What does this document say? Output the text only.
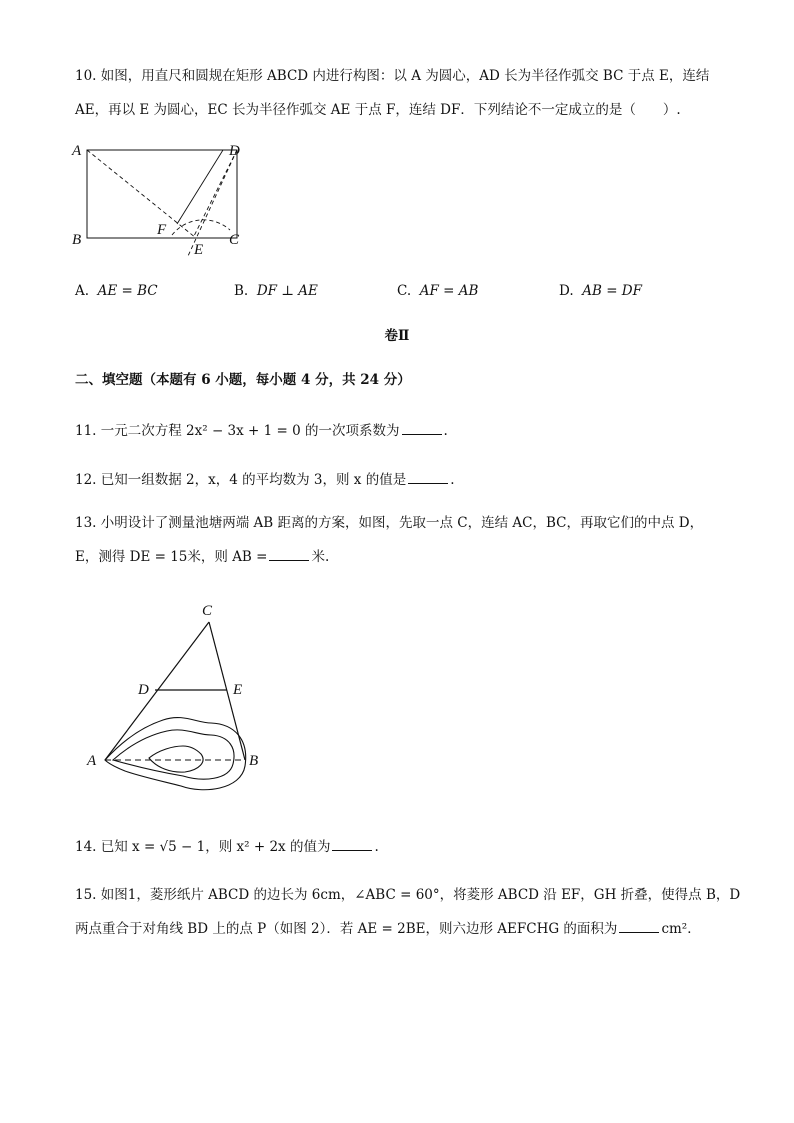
10. 如图，用直尺和圆规在矩形 ABCD 内进行构图：以 A 为圆心，AD 长为半径作弧交 BC 于点 E，连结
AE，再以 E 为圆心，EC 长为半径作弧交 AE 于点 F，连结 DF．下列结论不一定成立的是（　　）.
A	D
B	C
F
E
A. AE = BC	B. DF ⊥ AE	C. AF = AB	D. AB = DF
卷Ⅱ
二、填空题（本题有 6 小题，每小题 4 分，共 24 分）
11. 一元二次方程 2x² − 3x + 1 = 0 的一次项系数为	.
12. 已知一组数据 2，x，4 的平均数为 3，则 x 的值是	.
13. 小明设计了测量池塘两端 AB 距离的方案，如图，先取一点 C，连结 AC，BC，再取它们的中点 D，
E，测得 DE = 15米，则 AB =	米.
C
D	E
A	B
14. 已知 x = √5 − 1，则 x² + 2x 的值为	.
15. 如图1，菱形纸片 ABCD 的边长为 6cm，∠ABC = 60°，将菱形 ABCD 沿 EF，GH 折叠，使得点 B，D
两点重合于对角线 BD 上的点 P（如图 2）．若 AE = 2BE，则六边形 AEFCHG 的面积为	cm²．
